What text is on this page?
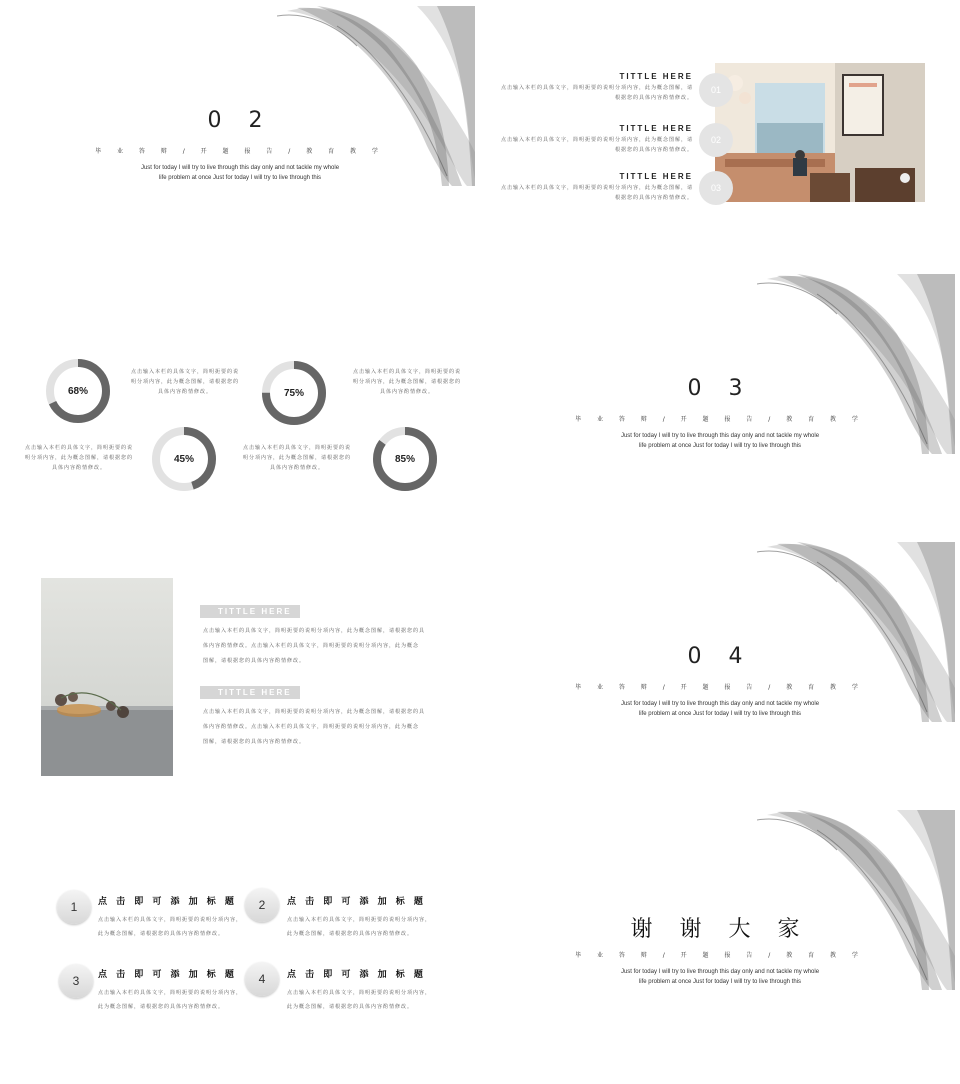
0 2
毕 业 答 辩 / 开 题 报 告 / 教 育 教 学
Just for today I will try to live through this day only and not tackle my whole
life problem at once Just for today I will try to live through this
TITTLE HERE
点击输入本栏的具体文字，简明扼要的说明分项内容，此为概念图解，请
根据您的具体内容酌情修改。
TITTLE HERE
点击输入本栏的具体文字，简明扼要的说明分项内容，此为概念图解，请
根据您的具体内容酌情修改。
TITTLE HERE
点击输入本栏的具体文字，简明扼要的说明分项内容，此为概念图解，请
根据您的具体内容酌情修改。
01
02
03
68%
45%
75%
85%
点击输入本栏的具体文字，简明扼要的说
明分项内容，此为概念图解，请根据您的
具体内容酌情修改。
点击输入本栏的具体文字，简明扼要的说
明分项内容，此为概念图解，请根据您的
具体内容酌情修改。
点击输入本栏的具体文字，简明扼要的说
明分项内容，此为概念图解，请根据您的
具体内容酌情修改。
点击输入本栏的具体文字，简明扼要的说
明分项内容，此为概念图解，请根据您的
具体内容酌情修改。
0 3
毕 业 答 辩 / 开 题 报 告 / 教 育 教 学
Just for today I will try to live through this day only and not tackle my whole
life problem at once Just for today I will try to live through this
TITTLE HERE
点击输入本栏的具体文字，简明扼要的说明分项内容，此为概念图解，请根据您的具
体内容酌情修改。点击输入本栏的具体文字，简明扼要的说明分项内容，此为概念
图解，请根据您的具体内容酌情修改。
TITTLE HERE
点击输入本栏的具体文字，简明扼要的说明分项内容，此为概念图解，请根据您的具
体内容酌情修改。点击输入本栏的具体文字，简明扼要的说明分项内容，此为概念
图解，请根据您的具体内容酌情修改。
0 4
毕 业 答 辩 / 开 题 报 告 / 教 育 教 学
Just for today I will try to live through this day only and not tackle my whole
life problem at once Just for today I will try to live through this
1	点 击 即 可 添 加 标 题
点击输入本栏的具体文字，简明扼要的说明分项内容，
此为概念图解，请根据您的具体内容酌情修改。
2	点 击 即 可 添 加 标 题
点击输入本栏的具体文字，简明扼要的说明分项内容，
此为概念图解，请根据您的具体内容酌情修改。
3	点 击 即 可 添 加 标 题
点击输入本栏的具体文字，简明扼要的说明分项内容，
此为概念图解，请根据您的具体内容酌情修改。
4	点 击 即 可 添 加 标 题
点击输入本栏的具体文字，简明扼要的说明分项内容，
此为概念图解，请根据您的具体内容酌情修改。
谢 谢 大 家
毕 业 答 辩 / 开 题 报 告 / 教 育 教 学
Just for today I will try to live through this day only and not tackle my whole
life problem at once Just for today I will try to live through this
